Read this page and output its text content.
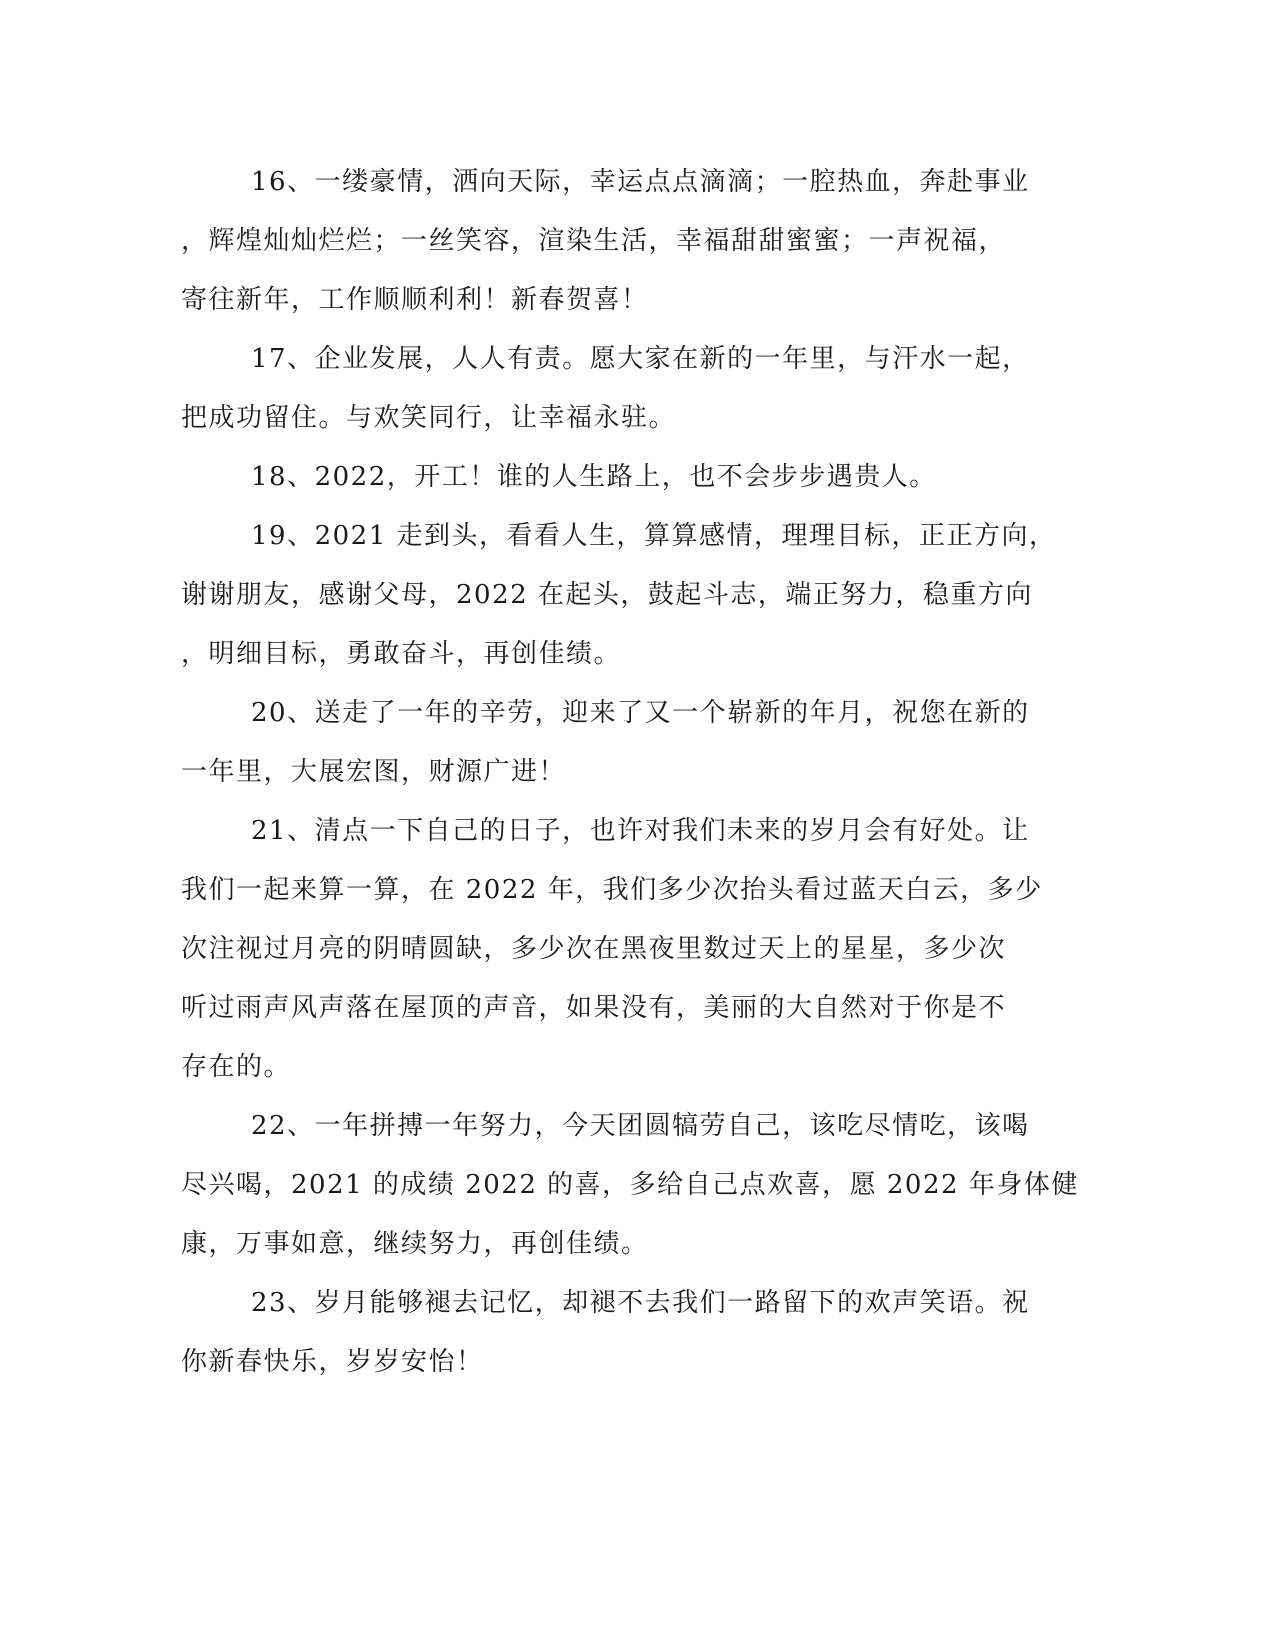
16、一缕豪情，洒向天际，幸运点点滴滴；一腔热血，奔赴事业
，辉煌灿灿烂烂；一丝笑容，渲染生活，幸福甜甜蜜蜜；一声祝福，
寄往新年，工作顺顺利利！新春贺喜！
17、企业发展，人人有责。愿大家在新的一年里，与汗水一起，
把成功留住。与欢笑同行，让幸福永驻。
18、2022，开工！谁的人生路上，也不会步步遇贵人。
19、2021 走到头，看看人生，算算感情，理理目标，正正方向，
谢谢朋友，感谢父母，2022 在起头，鼓起斗志，端正努力，稳重方向
，明细目标，勇敢奋斗，再创佳绩。
20、送走了一年的辛劳，迎来了又一个崭新的年月，祝您在新的
一年里，大展宏图，财源广进！
21、清点一下自己的日子，也许对我们未来的岁月会有好处。让
我们一起来算一算，在 2022 年，我们多少次抬头看过蓝天白云，多少
次注视过月亮的阴晴圆缺，多少次在黑夜里数过天上的星星，多少次
听过雨声风声落在屋顶的声音，如果没有，美丽的大自然对于你是不
存在的。
22、一年拼搏一年努力，今天团圆犒劳自己，该吃尽情吃，该喝
尽兴喝，2021 的成绩 2022 的喜，多给自己点欢喜，愿 2022 年身体健
康，万事如意，继续努力，再创佳绩。
23、岁月能够褪去记忆，却褪不去我们一路留下的欢声笑语。祝
你新春快乐，岁岁安怡！
